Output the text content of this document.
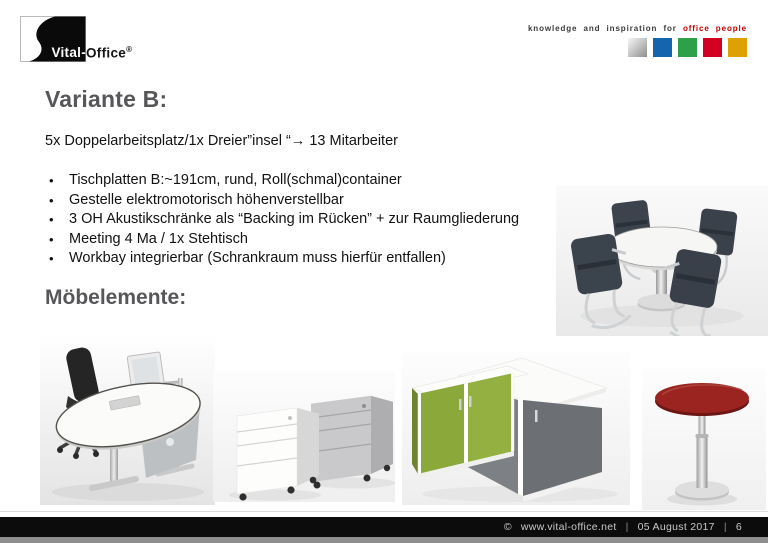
Vital- Office®
knowledge and inspiration for office people
Variante B:

5x Doppelarbeitsplatz/1x Dreier”insel “→ 13 Mitarbeiter

• Tischplatten B:~191cm, rund, Roll(schmal)container
• Gestelle elektromotorisch höhenverstellbar
• 3 OH Akustikschränke als “Backing im Rücken” + zur Raumgliederung
• Meeting 4 Ma / 1x Stehtisch
• Workbay integrierbar (Schrankraum muss hierfür entfallen)
Möbelemente:
© www.vital-office.net | 05 August 2017 | 6
